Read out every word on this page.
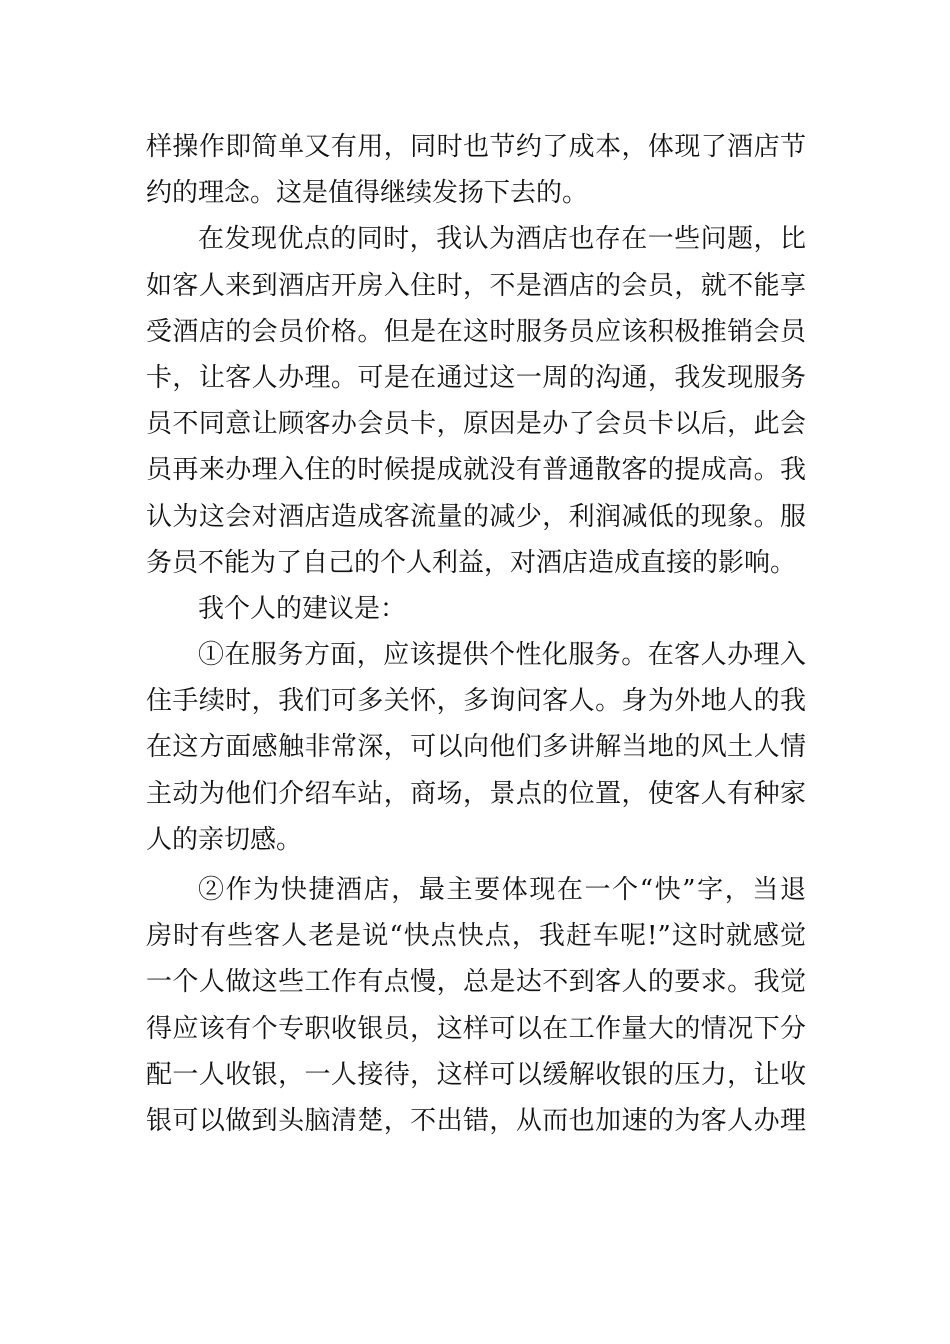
样操作即简单又有用，同时也节约了成本，体现了酒店节
约的理念。这是值得继续发扬下去的。
在发现优点的同时，我认为酒店也存在一些问题，比
如客人来到酒店开房入住时，不是酒店的会员，就不能享
受酒店的会员价格。但是在这时服务员应该积极推销会员
卡，让客人办理。可是在通过这一周的沟通，我发现服务
员不同意让顾客办会员卡，原因是办了会员卡以后，此会
员再来办理入住的时候提成就没有普通散客的提成高。我
认为这会对酒店造成客流量的减少，利润减低的现象。服
务员不能为了自己的个人利益，对酒店造成直接的影响。
我个人的建议是：
①在服务方面，应该提供个性化服务。在客人办理入
住手续时，我们可多关怀，多询问客人。身为外地人的我
在这方面感触非常深，可以向他们多讲解当地的风土人情
主动为他们介绍车站，商场，景点的位置，使客人有种家
人的亲切感。
②作为快捷酒店，最主要体现在一个“快”字，当退
房时有些客人老是说“快点快点，我赶车呢!”这时就感觉
一个人做这些工作有点慢，总是达不到客人的要求。我觉
得应该有个专职收银员，这样可以在工作量大的情况下分
配一人收银，一人接待，这样可以缓解收银的压力，让收
银可以做到头脑清楚，不出错，从而也加速的为客人办理
